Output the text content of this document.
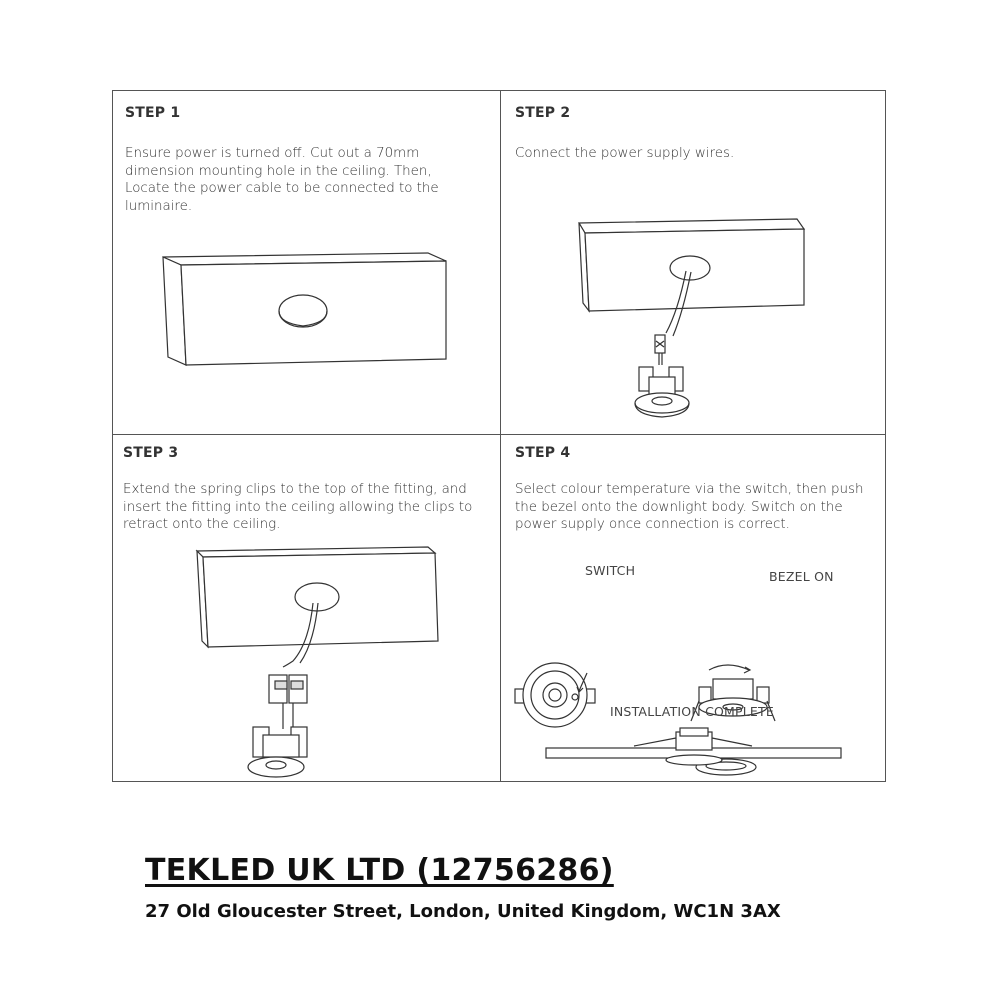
STEP 1
Ensure power is turned off. Cut out a 70mm dimension mounting hole in the ceiling. Then, Locate the power cable to be connected to the luminaire.
STEP 2
Connect the power supply wires.
STEP 3
Extend the spring clips to the top of the fitting, and insert the fitting into the ceiling allowing the clips to retract onto the ceiling.
STEP 4
Select colour temperature via the switch, then push the bezel onto the downlight body. Switch on the power supply once connection is correct.
SWITCH	BEZEL ON
INSTALLATION COMPLETE
TEKLED UK LTD (12756286)
27 Old Gloucester Street, London, United Kingdom, WC1N 3AX
